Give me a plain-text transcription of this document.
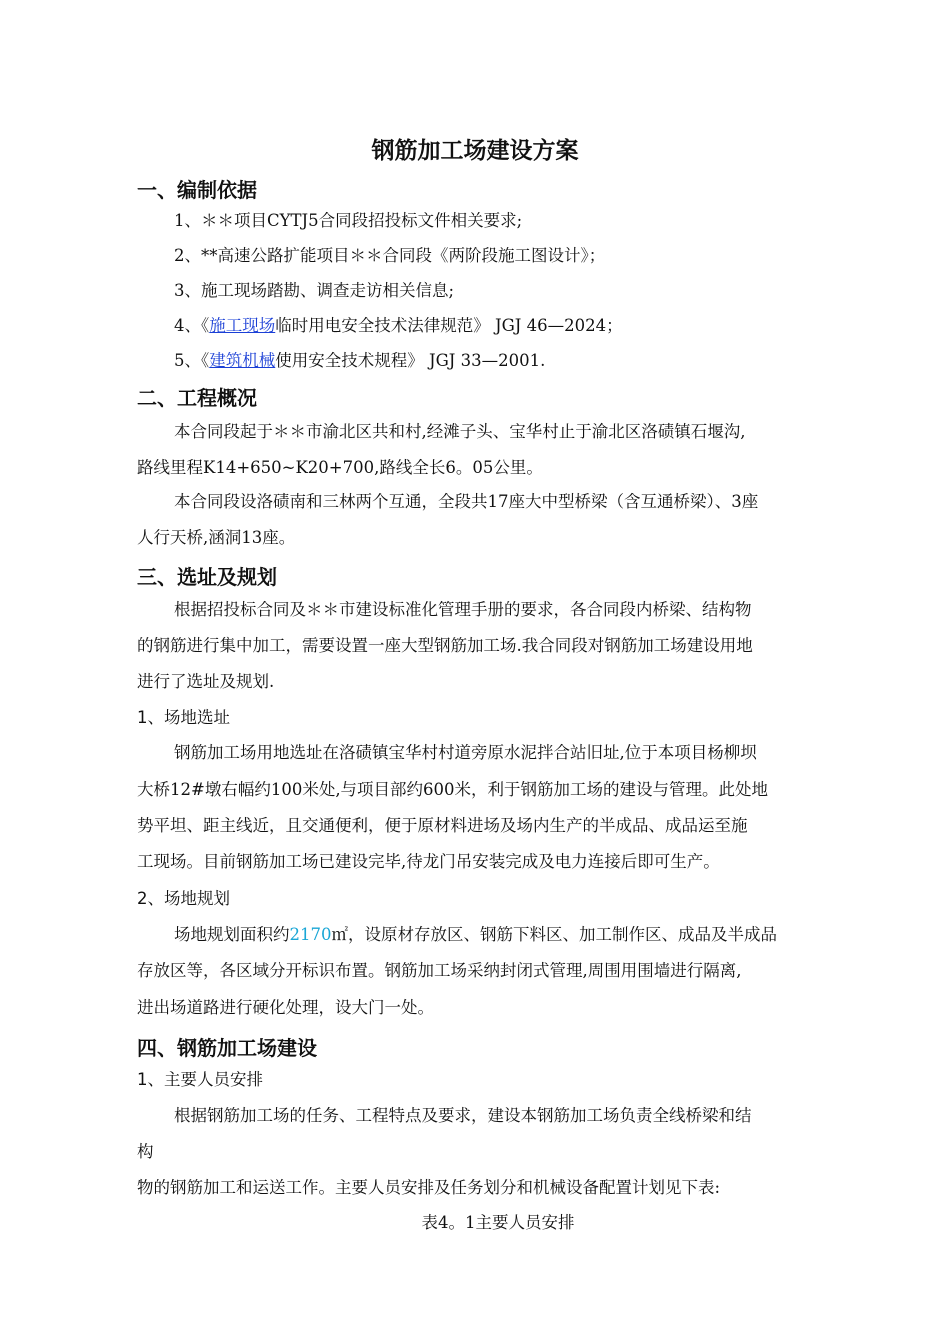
钢筋加工场建设方案
一、编制依据
1、＊＊项目CYTJ5合同段招投标文件相关要求;
2、**高速公路扩能项目＊＊合同段《两阶段施工图设计》；
3、施工现场踏勘、调查走访相关信息;
4、《施工现场临时用电安全技术法律规范》 JGJ 46—2024；
5、《建筑机械使用安全技术规程》 JGJ 33—2001.
二、工程概况
本合同段起于＊＊市渝北区共和村,经滩子头、宝华村止于渝北区洛碛镇石堰沟,
路线里程K14+650~K20+700,路线全长6。05公里。
本合同段设洛碛南和三林两个互通，全段共17座大中型桥梁（含互通桥梁）、3座
人行天桥,涵洞13座。
三、选址及规划
根据招投标合同及＊＊市建设标准化管理手册的要求，各合同段内桥梁、结构物
的钢筋进行集中加工，需要设置一座大型钢筋加工场.我合同段对钢筋加工场建设用地
进行了选址及规划.
1、场地选址
钢筋加工场用地选址在洛碛镇宝华村村道旁原水泥拌合站旧址,位于本项目杨柳坝
大桥12#墩右幅约100米处,与项目部约600米，利于钢筋加工场的建设与管理。此处地
势平坦、距主线近，且交通便利，便于原材料进场及场内生产的半成品、成品运至施
工现场。目前钢筋加工场已建设完毕,待龙门吊安装完成及电力连接后即可生产。
2、场地规划
场地规划面积约2170㎡，设原材存放区、钢筋下料区、加工制作区、成品及半成品
存放区等，各区域分开标识布置。钢筋加工场采纳封闭式管理,周围用围墙进行隔离,
进出场道路进行硬化处理，设大门一处。
四、钢筋加工场建设
1、主要人员安排
根据钢筋加工场的任务、工程特点及要求，建设本钢筋加工场负责全线桥梁和结
构
物的钢筋加工和运送工作。主要人员安排及任务划分和机械设备配置计划见下表:
表4。1主要人员安排
